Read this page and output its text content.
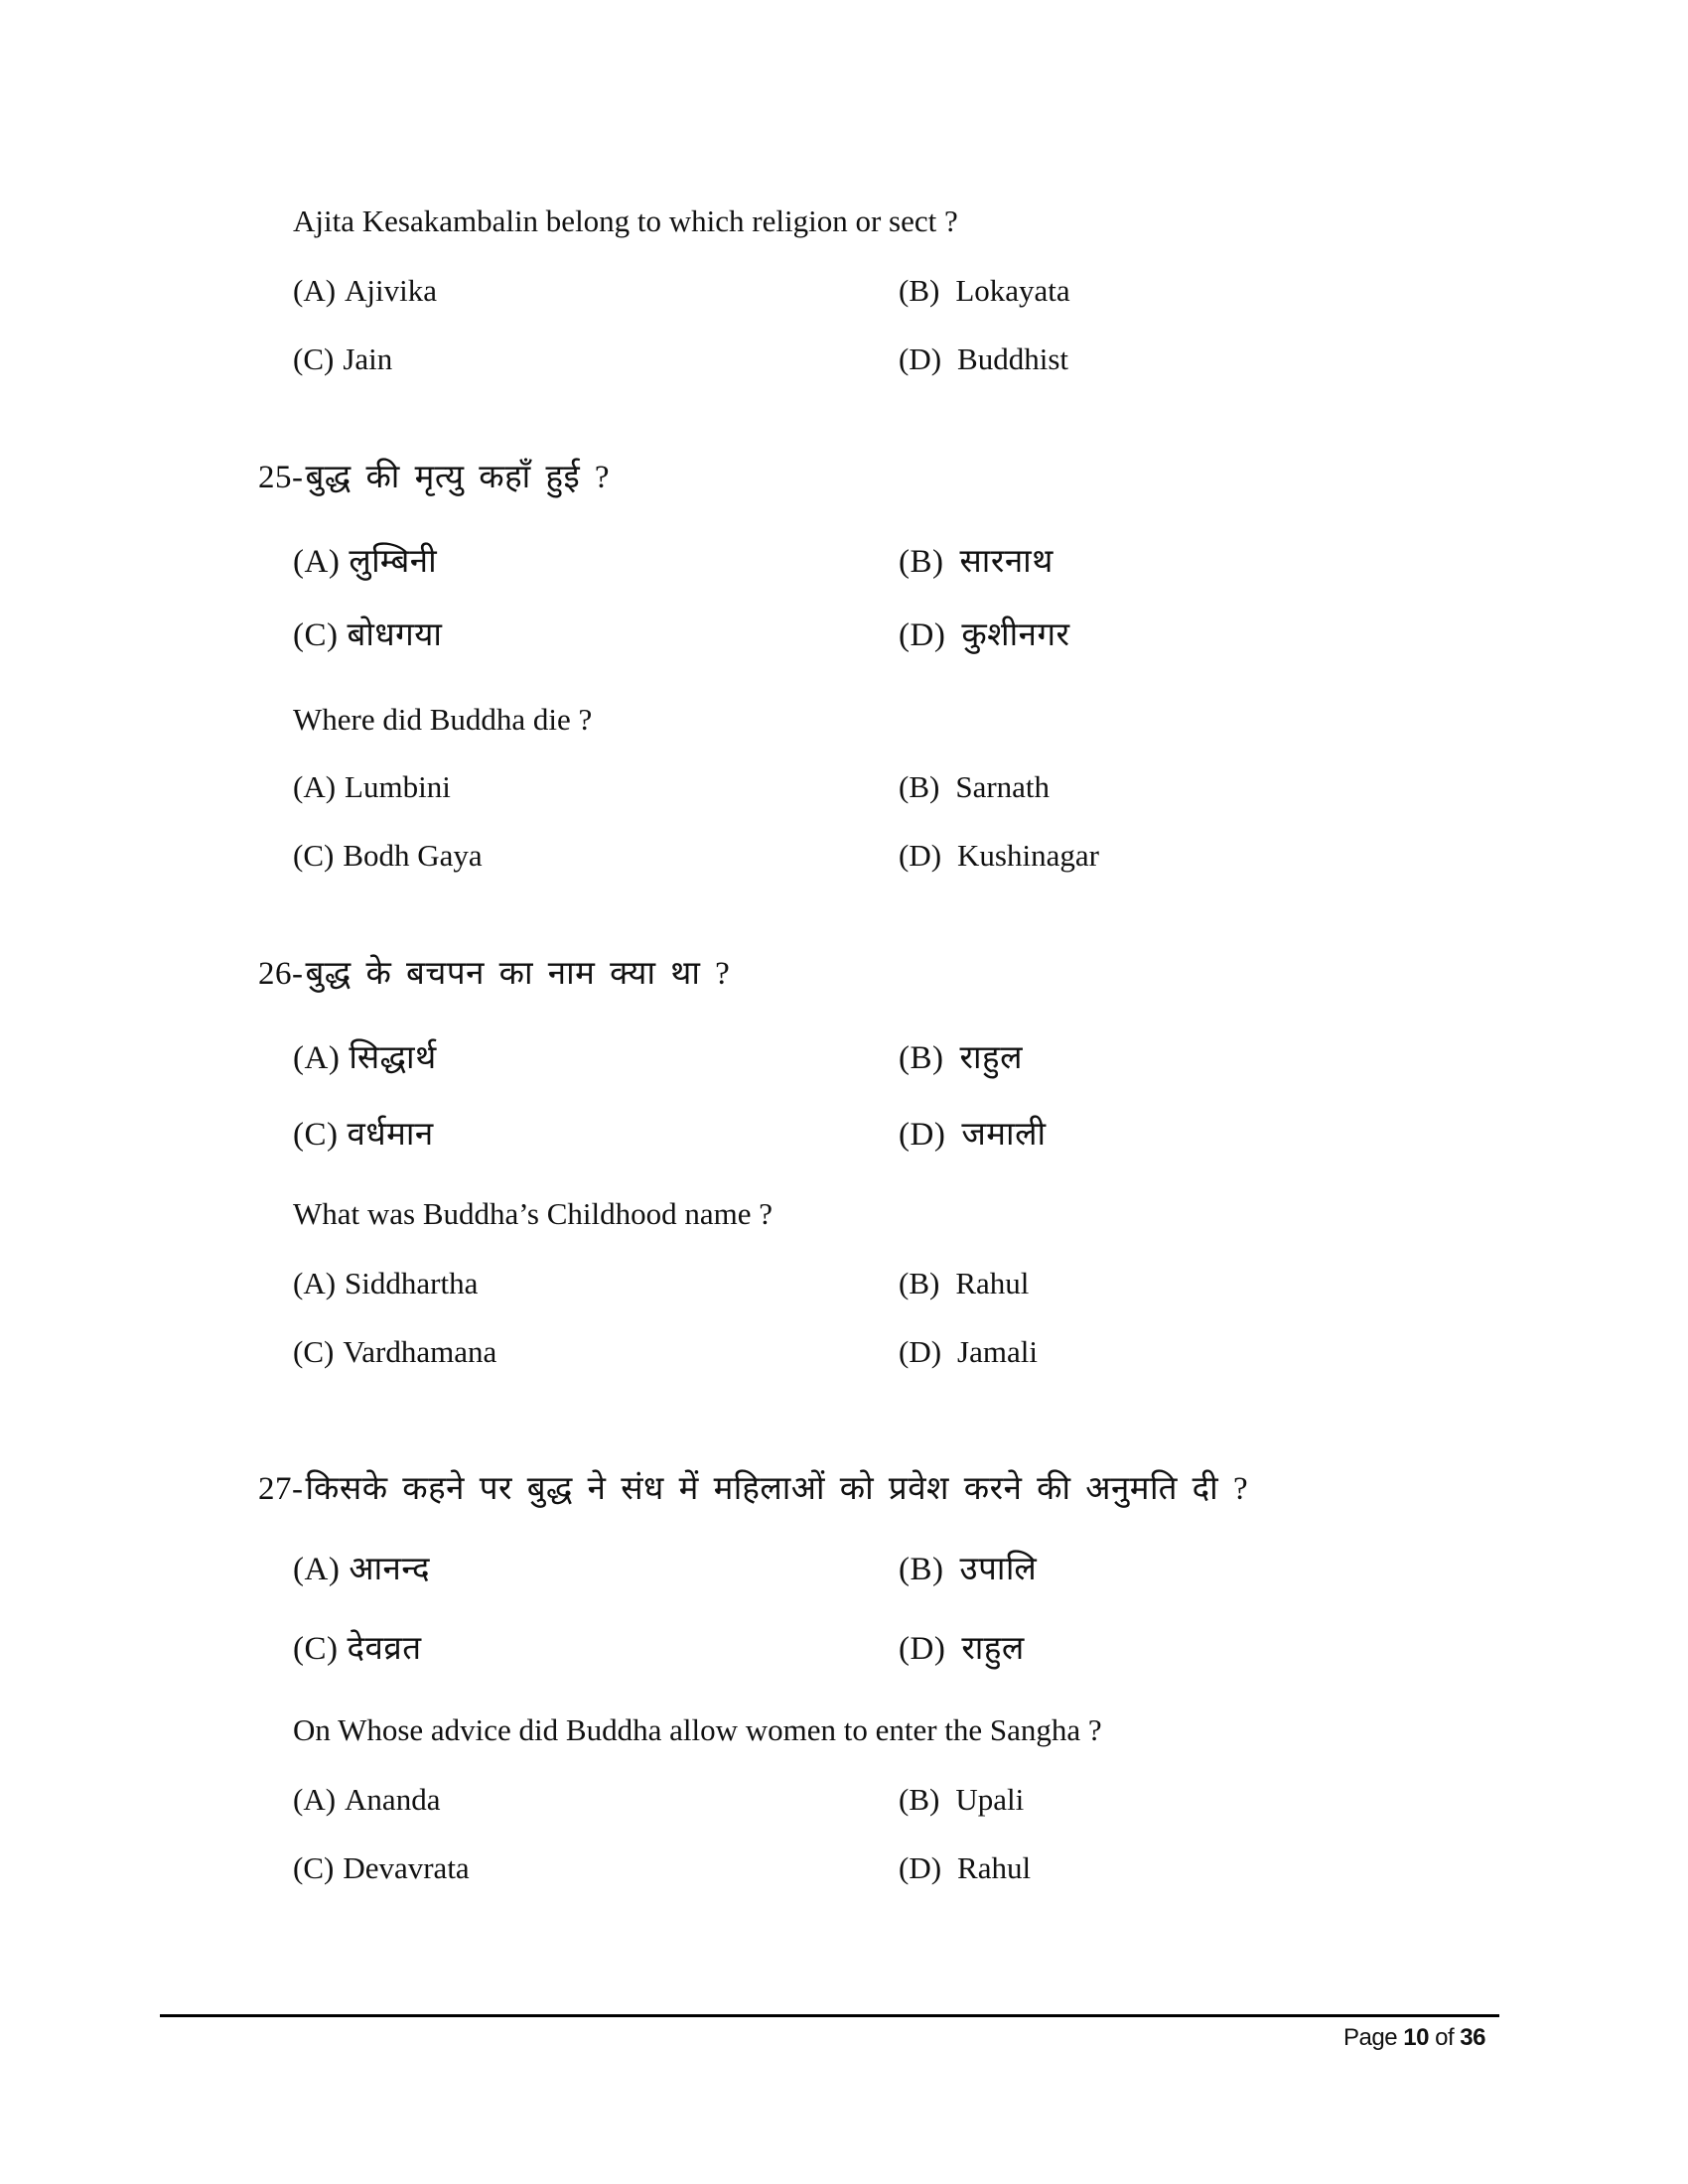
Ajita Kesakambalin belong to which religion or sect ?
(A) Ajivika	(B) Lokayata
(C) Jain	(D) Buddhist
25-बुद्ध की मृत्यु कहाँ हुई ?
(A) लुम्बिनी	(B) सारनाथ
(C) बोधगया	(D) कुशीनगर
Where did Buddha die ?
(A) Lumbini	(B) Sarnath
(C) Bodh Gaya	(D) Kushinagar
26-बुद्ध के बचपन का नाम क्या था ?
(A) सिद्धार्थ	(B) राहुल
(C) वर्धमान	(D) जमाली
What was Buddha’s Childhood name ?
(A) Siddhartha	(B) Rahul
(C) Vardhamana	(D) Jamali
27-किसके कहने पर बुद्ध ने संध में महिलाओं को प्रवेश करने की अनुमति दी ?
(A) आनन्द	(B) उपालि
(C) देवव्रत	(D) राहुल
On Whose advice did Buddha allow women to enter the Sangha ?
(A) Ananda	(B) Upali
(C) Devavrata	(D) Rahul
Page 10 of 36
